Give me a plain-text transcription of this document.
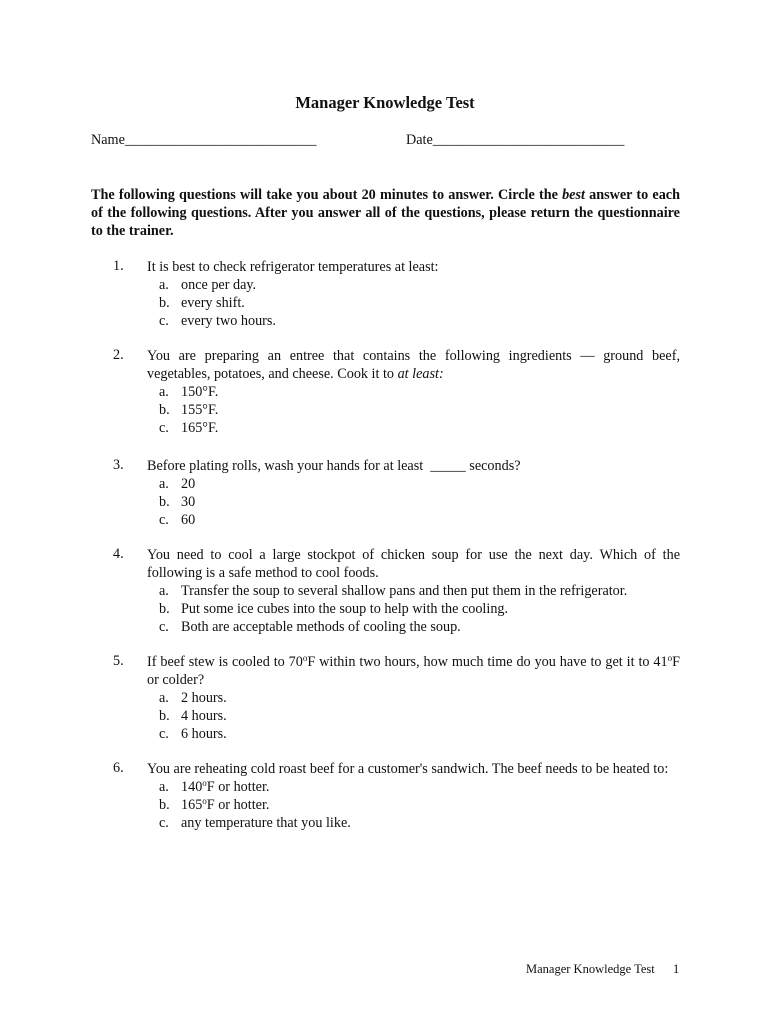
Manager Knowledge Test
Name___________________________	Date___________________________
The following questions will take you about 20 minutes to answer. Circle the best answer to each of the following questions. After you answer all of the questions, please return the questionnaire to the trainer.
1. It is best to check refrigerator temperatures at least:
a. once per day.
b. every shift.
c. every two hours.
2. You are preparing an entree that contains the following ingredients — ground beef, vegetables, potatoes, and cheese. Cook it to at least:
a. 150°F.
b. 155°F.
c. 165°F.
3. Before plating rolls, wash your hands for at least  _____ seconds?
a. 20
b. 30
c. 60
4. You need to cool a large stockpot of chicken soup for use the next day. Which of the following is a safe method to cool foods.
a. Transfer the soup to several shallow pans and then put them in the refrigerator.
b. Put some ice cubes into the soup to help with the cooling.
c. Both are acceptable methods of cooling the soup.
5. If beef stew is cooled to 70$^o$F within two hours, how much time do you have to get it to 41$^o$F or colder?
a. 2 hours.
b. 4 hours.
c. 6 hours.
6. You are reheating cold roast beef for a customer's sandwich. The beef needs to be heated to:
a. 140$^o$F or hotter.
b. 165$^o$F or hotter.
c. any temperature that you like.
Manager Knowledge Test 1
